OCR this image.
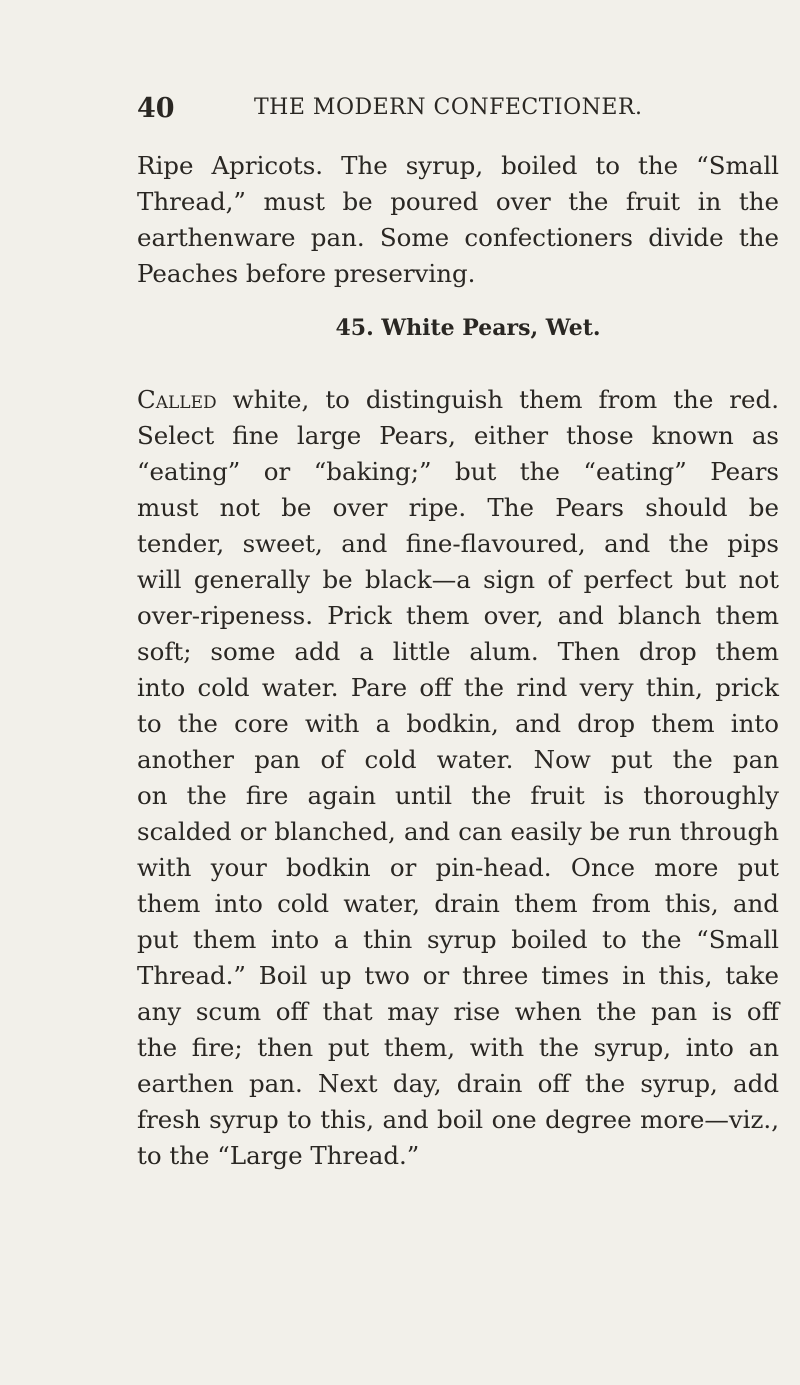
40	THE MODERN CONFECTIONER.
Ripe Apricots. The syrup, boiled to the “Small
Thread,” must be poured over the fruit in the
earthenware pan. Some confectioners divide the
Peaches before preserving.
45. White Pears, Wet.
Called white, to distinguish them from the red.
Select fine large Pears, either those known as
“eating” or “baking;” but the “eating” Pears
must not be over ripe. The Pears should be
tender, sweet, and fine-flavoured, and the pips
will generally be black—a sign of perfect but not
over-ripeness. Prick them over, and blanch them
soft; some add a little alum. Then drop them
into cold water. Pare off the rind very thin, prick
to the core with a bodkin, and drop them into
another pan of cold water. Now put the pan
on the fire again until the fruit is thoroughly
scalded or blanched, and can easily be run through
with your bodkin or pin-head. Once more put
them into cold water, drain them from this, and
put them into a thin syrup boiled to the “Small
Thread.” Boil up two or three times in this, take
any scum off that may rise when the pan is off
the fire; then put them, with the syrup, into an
earthen pan. Next day, drain off the syrup, add
fresh syrup to this, and boil one degree more—viz.,
to the “Large Thread.”
